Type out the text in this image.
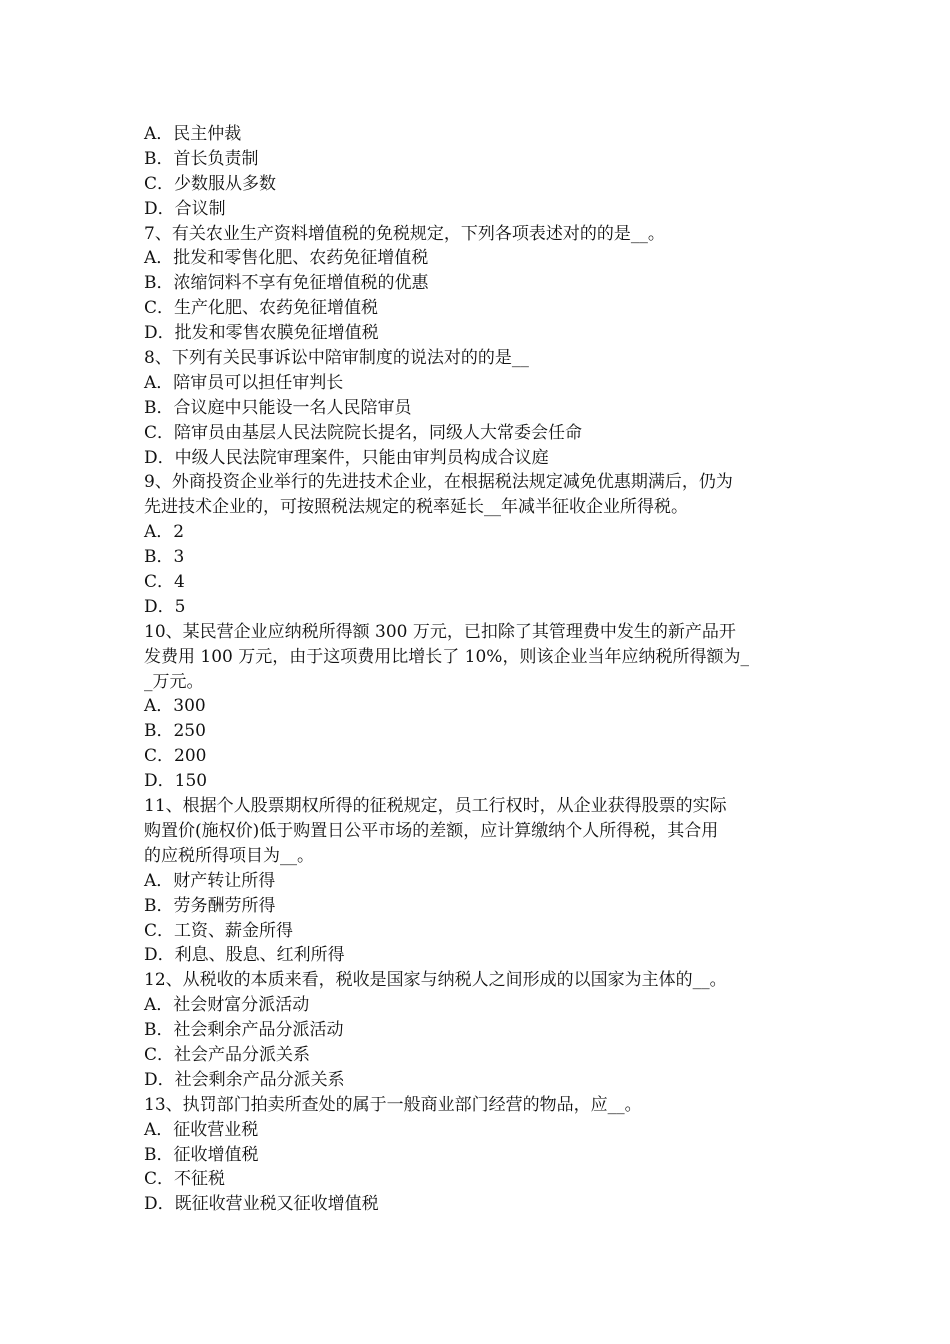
A．民主仲裁
B．首长负责制
C．少数服从多数
D．合议制
7、有关农业生产资料增值税的免税规定，下列各项表述对的的是__。
A．批发和零售化肥、农药免征增值税
B．浓缩饲料不享有免征增值税的优惠
C．生产化肥、农药免征增值税
D．批发和零售农膜免征增值税
8、下列有关民事诉讼中陪审制度的说法对的的是__
A．陪审员可以担任审判长
B．合议庭中只能设一名人民陪审员
C．陪审员由基层人民法院院长提名，同级人大常委会任命
D．中级人民法院审理案件，只能由审判员构成合议庭
9、外商投资企业举行的先进技术企业，在根据税法规定减免优惠期满后，仍为
先进技术企业的，可按照税法规定的税率延长__年减半征收企业所得税。
A．2
B．3
C．4
D．5
10、某民营企业应纳税所得额 300 万元，已扣除了其管理费中发生的新产品开
发费用 100 万元，由于这项费用比增长了 10%，则该企业当年应纳税所得额为_
_万元。
A．300
B．250
C．200
D．150
11、根据个人股票期权所得的征税规定，员工行权时，从企业获得股票的实际
购置价(施权价)低于购置日公平市场的差额，应计算缴纳个人所得税，其合用
的应税所得项目为__。
A．财产转让所得
B．劳务酬劳所得
C．工资、薪金所得
D．利息、股息、红利所得
12、从税收的本质来看，税收是国家与纳税人之间形成的以国家为主体的__。
A．社会财富分派活动
B．社会剩余产品分派活动
C．社会产品分派关系
D．社会剩余产品分派关系
13、执罚部门拍卖所查处的属于一般商业部门经营的物品，应__。
A．征收营业税
B．征收增值税
C．不征税
D．既征收营业税又征收增值税
